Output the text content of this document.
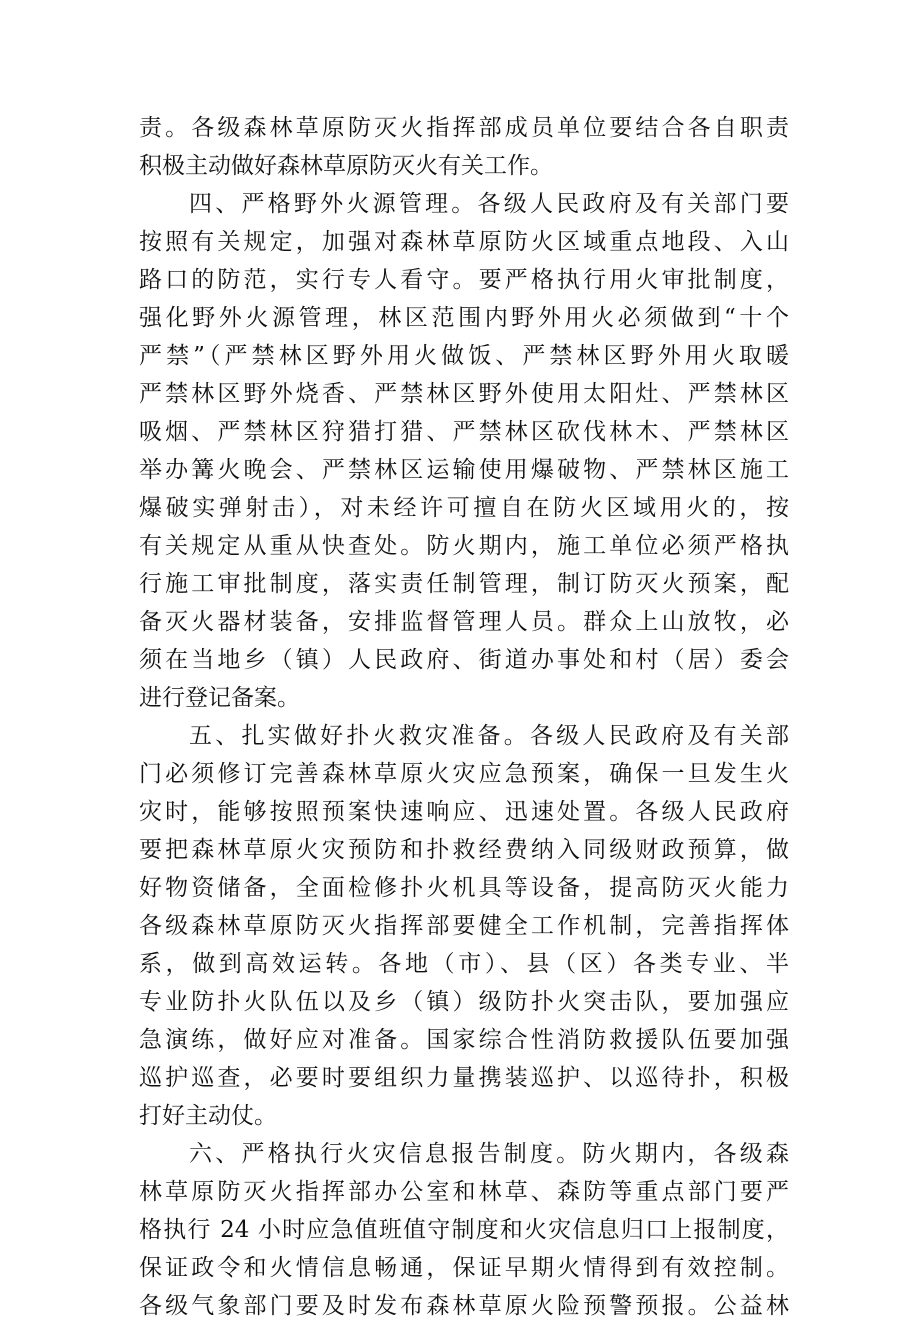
责。各级森林草原防灭火指挥部成员单位要结合各自职责
积极主动做好森林草原防灭火有关工作。
四、严格野外火源管理。各级人民政府及有关部门要
按照有关规定，加强对森林草原防火区域重点地段、入山
路口的防范，实行专人看守。要严格执行用火审批制度，
强化野外火源管理，林区范围内野外用火必须做到“十个
严禁”（严禁林区野外用火做饭、严禁林区野外用火取暖
严禁林区野外烧香、严禁林区野外使用太阳灶、严禁林区
吸烟、严禁林区狩猎打猎、严禁林区砍伐林木、严禁林区
举办篝火晚会、严禁林区运输使用爆破物、严禁林区施工
爆破实弹射击），对未经许可擅自在防火区域用火的，按
有关规定从重从快查处。防火期内，施工单位必须严格执
行施工审批制度，落实责任制管理，制订防灭火预案，配
备灭火器材装备，安排监督管理人员。群众上山放牧，必
须在当地乡（镇）人民政府、街道办事处和村（居）委会
进行登记备案。
五、扎实做好扑火救灾准备。各级人民政府及有关部
门必须修订完善森林草原火灾应急预案，确保一旦发生火
灾时，能够按照预案快速响应、迅速处置。各级人民政府
要把森林草原火灾预防和扑救经费纳入同级财政预算，做
好物资储备，全面检修扑火机具等设备，提高防灭火能力
各级森林草原防灭火指挥部要健全工作机制，完善指挥体
系，做到高效运转。各地（市）、县（区）各类专业、半
专业防扑火队伍以及乡（镇）级防扑火突击队，要加强应
急演练，做好应对准备。国家综合性消防救援队伍要加强
巡护巡查，必要时要组织力量携装巡护、以巡待扑，积极
打好主动仗。
六、严格执行火灾信息报告制度。防火期内，各级森
林草原防灭火指挥部办公室和林草、森防等重点部门要严
格执行 24 小时应急值班值守制度和火灾信息归口上报制度，
保证政令和火情信息畅通，保证早期火情得到有效控制。
各级气象部门要及时发布森林草原火险预警预报。公益林
